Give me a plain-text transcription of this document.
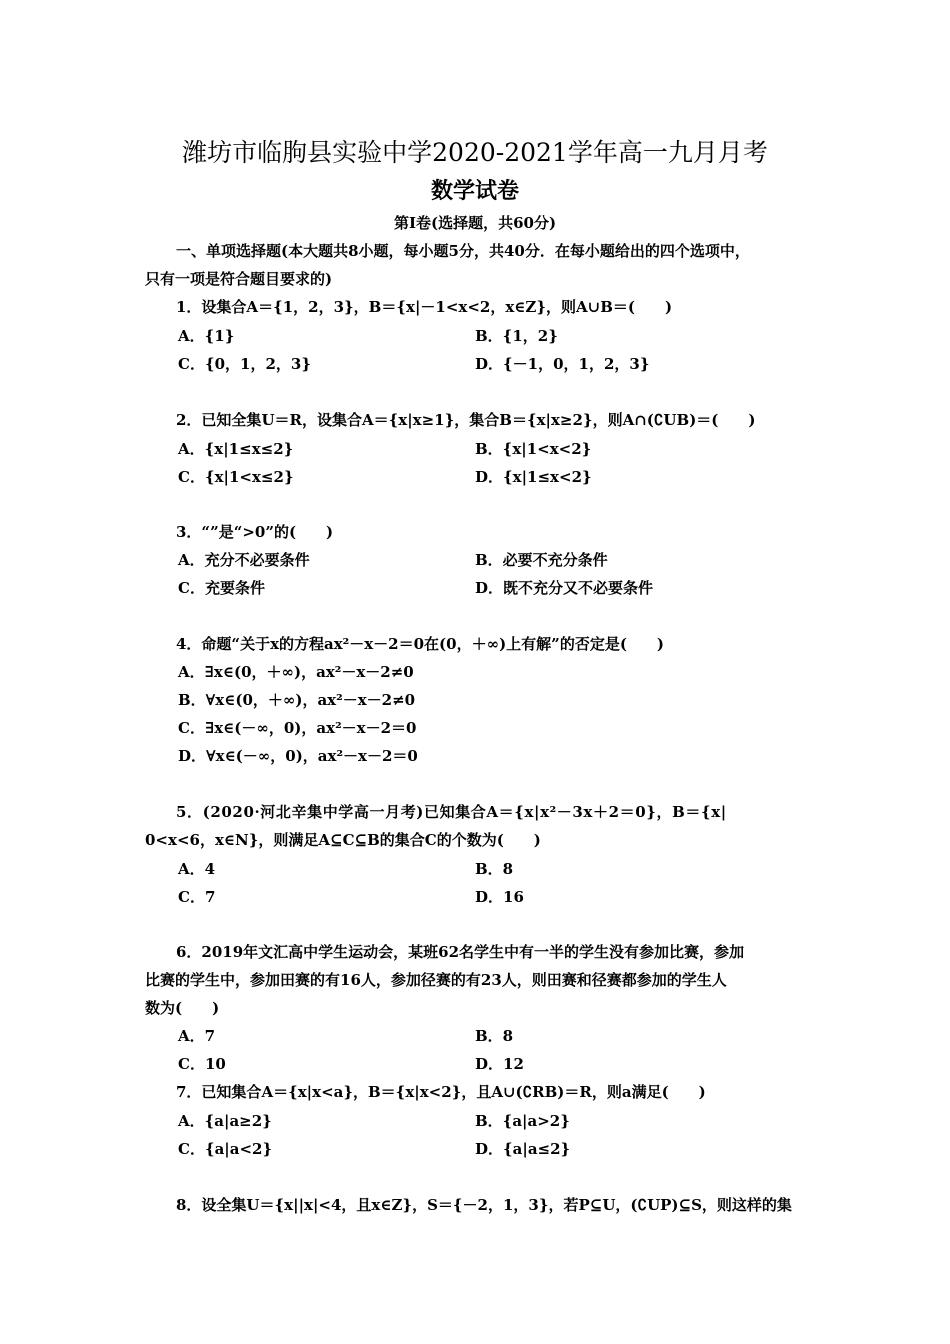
潍坊市临朐县实验中学2020-2021学年高一九月月考
数学试卷
第Ⅰ卷(选择题，共60分)
一、单项选择题(本大题共8小题，每小题5分，共40分．在每小题给出的四个选项中，
只有一项是符合题目要求的)
1．设集合A＝{1，2，3}，B＝{x|－1<x<2，x∈Z}，则A∪B＝(　　)
A．{1}	B．{1，2}
C．{0，1，2，3}	D．{－1，0，1，2，3}
2．已知全集U＝R，设集合A＝{x|x≥1}，集合B＝{x|x≥2}，则A∩(∁UB)＝(　　)
A．{x|1≤x≤2}	B．{x|1<x<2}
C．{x|1<x≤2}	D．{x|1≤x<2}
3．“”是“>0”的(　　)
A．充分不必要条件	B．必要不充分条件
C．充要条件	D．既不充分又不必要条件
4．命题“关于x的方程ax²－x－2＝0在(0，＋∞)上有解”的否定是(　　)
A．∃x∈(0，＋∞)，ax²－x－2≠0
B．∀x∈(0，＋∞)，ax²－x－2≠0
C．∃x∈(－∞，0)，ax²－x－2＝0
D．∀x∈(－∞，0)，ax²－x－2＝0
5．(2020·河北辛集中学高一月考)已知集合A＝{x|x²－3x＋2＝0}，B＝{x|
0<x<6，x∈N}，则满足A⊆C⊆B的集合C的个数为(　　)
A．4	B．8
C．7	D．16
6．2019年文汇高中学生运动会，某班62名学生中有一半的学生没有参加比赛，参加
比赛的学生中，参加田赛的有16人，参加径赛的有23人，则田赛和径赛都参加的学生人
数为(　　)
A．7	B．8
C．10	D．12
7．已知集合A＝{x|x<a}，B＝{x|x<2}，且A∪(∁RB)＝R，则a满足(　　)
A．{a|a≥2}	B．{a|a>2}
C．{a|a<2}	D．{a|a≤2}
8．设全集U＝{x||x|<4，且x∈Z}，S＝{－2，1，3}，若P⊆U，(∁UP)⊆S，则这样的集
